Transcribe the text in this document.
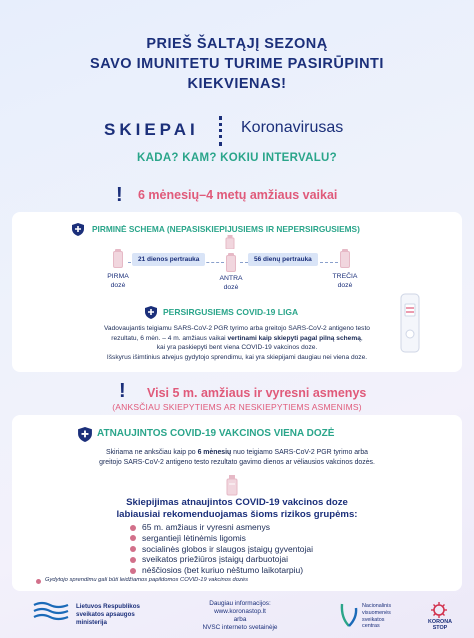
PRIEŠ ŠALTĄJĮ SEZONĄ
SAVO IMUNITETU TURIME PASIRŪPINTI
KIEKVIENAS!
SKIEPAI	Koronavirusas
KADA? KAM? KOKIU INTERVALU?
! 6 mėnesių–4 metų amžiaus vaikai
PIRMINĖ SCHEMA (NEPASISKIEPIJUSIEMS IR NEPERSIRGUSIEMS)
PIRMA
dozė
ANTRA
dozė
TREČIA
dozė
21 dienos pertrauka	56 dienų pertrauka
PERSIRGUSIEMS COVID-19 LIGA
Vadovaujantis teigiamu SARS-CoV-2 PGR tyrimo arba greitojo SARS-CoV-2 antigeno testo
rezultatu, 6 mėn. – 4 m. amžiaus vaikai vertinami kaip skiepyti pagal pilną schemą,
kai yra paskiepyti bent viena COVID-19 vakcinos doze.
Išskyrus išimtinius atvejus gydytojo sprendimu, kai yra skiepijami daugiau nei viena doze.
! Visi 5 m. amžiaus ir vyresni asmenys
(ANKSČIAU SKIEPYTIEMS AR NESKIEPYTIEMS ASMENIMS)
ATNAUJINTOS COVID-19 VAKCINOS VIENA DOZĖ
Skiriama ne anksčiau kaip po 6 mėnesių nuo teigiamo SARS-CoV-2 PGR tyrimo arba
greitojo SARS-CoV-2 antigeno testo rezultato gavimo dienos ar vėliausios vakcinos dozės.
Skiepijimas atnaujintos COVID-19 vakcinos doze
labiausiai rekomenduojamas šioms rizikos grupėms:
65 m. amžiaus ir vyresni asmenys
sergantiejì lėtinėmis ligomis
socialinės globos ir slaugos įstaigų gyventojai
sveikatos priežiūros įstaigų darbuotojai
nėščiosios (bet kuriuo nėštumo laikotarpiu)
Gydytojo sprendimu gali būti leidžiamos papildomos COVID-19 vakcinos dozės
Lietuvos Respublikos
sveikatos apsaugos
ministerija
Daugiau informacijos:
www.koronastop.lt
arba
NVSC interneto svetainėje
Nacionalinis
visuomenės
sveikatos
centras
KORONA
STOP
